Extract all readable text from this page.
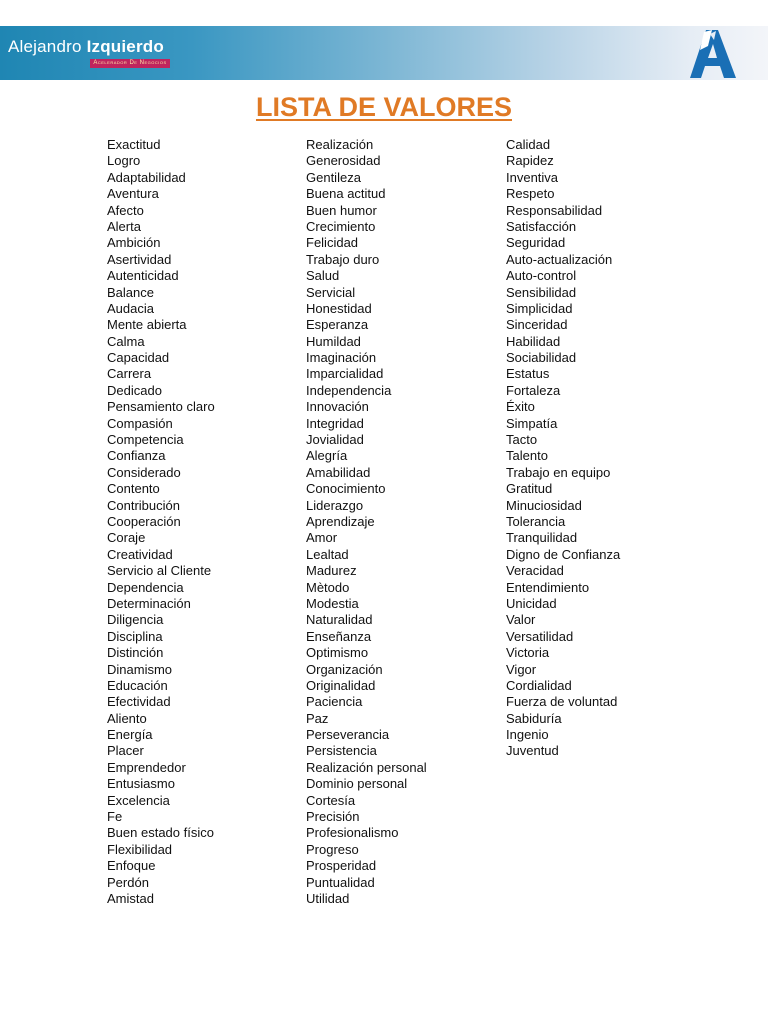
Alejandro Izquierdo
Acelerador De Negocios
LISTA DE VALORES
Exactitud
Logro
Adaptabilidad
Aventura
Afecto
Alerta
Ambición
Asertividad
Autenticidad
Balance
Audacia
Mente abierta
Calma
Capacidad
Carrera
Dedicado
Pensamiento claro
Compasión
Competencia
Confianza
Considerado
Contento
Contribución
Cooperación
Coraje
Creatividad
Servicio al Cliente
Dependencia
Determinación
Diligencia
Disciplina
Distinción
Dinamismo
Educación
Efectividad
Aliento
Energía
Placer
Emprendedor
Entusiasmo
Excelencia
Fe
Buen estado físico
Flexibilidad
Enfoque
Perdón
Amistad
Realización
Generosidad
Gentileza
Buena actitud
Buen humor
Crecimiento
Felicidad
Trabajo duro
Salud
Servicial
Honestidad
Esperanza
Humildad
Imaginación
Imparcialidad
Independencia
Innovación
Integridad
Jovialidad
Alegría
Amabilidad
Conocimiento
Liderazgo
Aprendizaje
Amor
Lealtad
Madurez
Mètodo
Modestia
Naturalidad
Enseñanza
Optimismo
Organización
Originalidad
Paciencia
Paz
Perseverancia
Persistencia
Realización personal
Dominio personal
Cortesía
Precisión
Profesionalismo
Progreso
Prosperidad
Puntualidad
Utilidad
Calidad
Rapidez
Inventiva
Respeto
Responsabilidad
Satisfacción
Seguridad
Auto-actualización
Auto-control
Sensibilidad
Simplicidad
Sinceridad
Habilidad
Sociabilidad
Estatus
Fortaleza
Éxito
Simpatía
Tacto
Talento
Trabajo en equipo
Gratitud
Minuciosidad
Tolerancia
Tranquilidad
Digno de Confianza
Veracidad
Entendimiento
Unicidad
Valor
Versatilidad
Victoria
Vigor
Cordialidad
Fuerza de voluntad
Sabiduría
Ingenio
Juventud
